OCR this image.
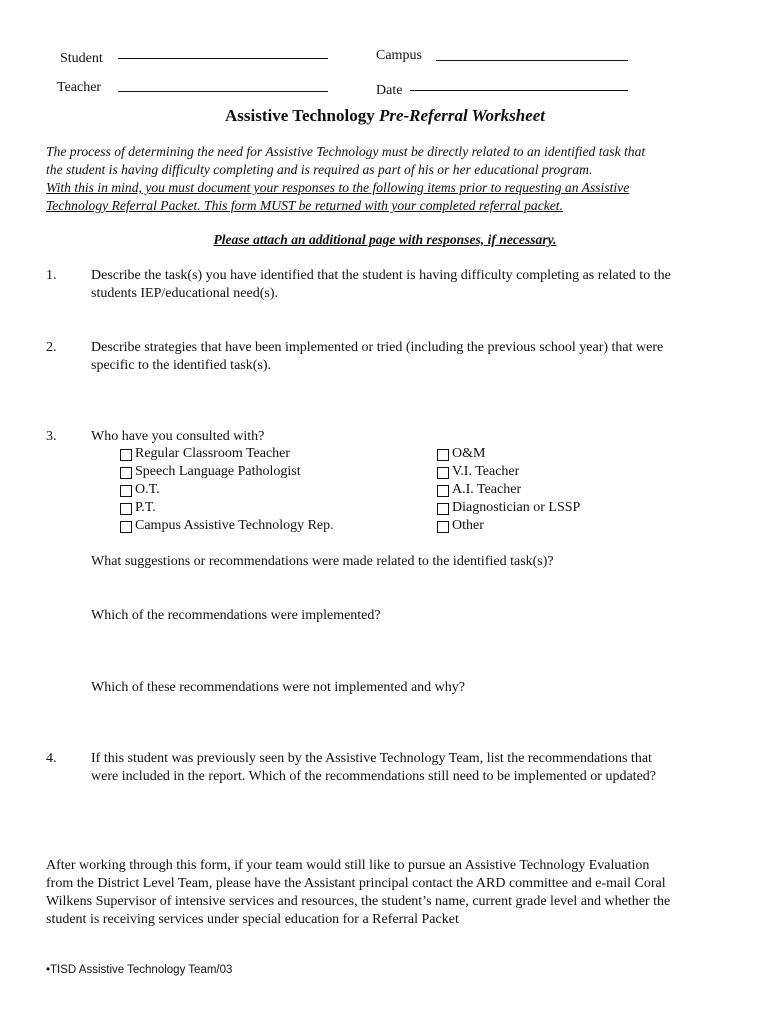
Student	Campus
Teacher	Date
Assistive Technology Pre-Referral Worksheet
The process of determining the need for Assistive Technology must be directly related to an identified task that
the student is having difficulty completing and is required as part of his or her educational program.
With this in mind, you must document your responses to the following items prior to requesting an Assistive
Technology Referral Packet. This form MUST be returned with your completed referral packet.
Please attach an additional page with responses, if necessary.
1. Describe the task(s) you have identified that the student is having difficulty completing as related to the
students IEP/educational need(s).
2. Describe strategies that have been implemented or tried (including the previous school year) that were
specific to the identified task(s).
3. Who have you consulted with?
Regular Classroom Teacher
Speech Language Pathologist
O.T.
P.T.
Campus Assistive Technology Rep.
O&M
V.I. Teacher
A.I. Teacher
Diagnostician or LSSP
Other
What suggestions or recommendations were made related to the identified task(s)?
Which of the recommendations were implemented?
Which of these recommendations were not implemented and why?
4. If this student was previously seen by the Assistive Technology Team, list the recommendations that
were included in the report. Which of the recommendations still need to be implemented or updated?
After working through this form, if your team would still like to pursue an Assistive Technology Evaluation
from the District Level Team, please have the Assistant principal contact the ARD committee and e-mail Coral
Wilkens Supervisor of intensive services and resources, the student’s name, current grade level and whether the
student is receiving services under special education for a Referral Packet
•TISD Assistive Technology Team/03
